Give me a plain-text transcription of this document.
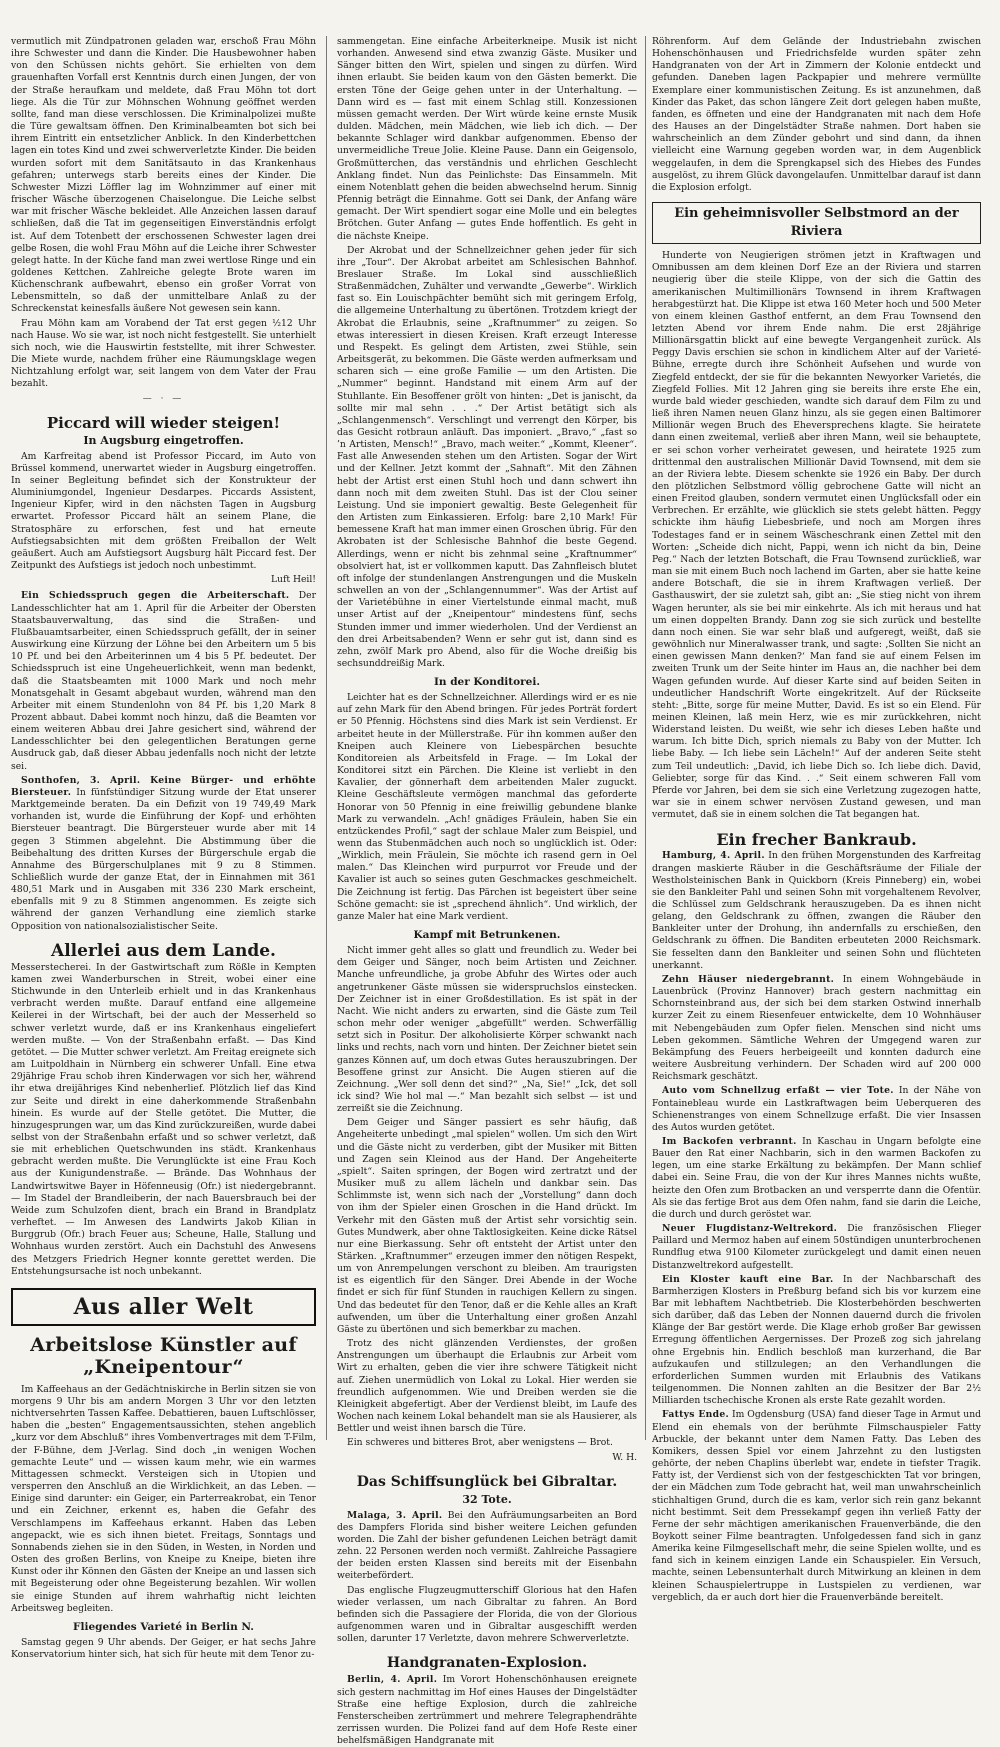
vermutlich mit Zündpatronen geladen war, erschoß Frau Möhn ihre Schwester und dann die Kinder. Die Hausbewohner haben von den Schüssen nichts gehört. Sie erhielten von dem grauenhaften Vorfall erst Kenntnis durch einen Jungen, der von der Straße heraufkam und meldete, daß Frau Möhn tot dort liege. Als die Tür zur Möhnschen Wohnung geöffnet werden sollte, fand man diese verschlossen. Die Kriminalpolizei mußte die Türe gewaltsam öffnen. Den Kriminalbeamten bot sich bei ihrem Eintritt ein entsetzlicher Anblick. In den Kinderbettchen lagen ein totes Kind und zwei schwerverletzte Kinder. Die beiden wurden sofort mit dem Sanitätsauto in das Krankenhaus gefahren; unterwegs starb bereits eines der Kinder. Die Schwester Mizzi Löffler lag im Wohnzimmer auf einer mit frischer Wäsche überzogenen Chaiselongue. Die Leiche selbst war mit frischer Wäsche bekleidet. Alle Anzeichen lassen darauf schließen, daß die Tat im gegenseitigen Einverständnis erfolgt ist. Auf dem Totenbett der erschossenen Schwester lagen drei gelbe Rosen, die wohl Frau Möhn auf die Leiche ihrer Schwester gelegt hatte. In der Küche fand man zwei wertlose Ringe und ein goldenes Kettchen. Zahlreiche gelegte Brote waren im Küchenschrank aufbewahrt, ebenso ein großer Vorrat von Lebensmitteln, so daß der unmittelbare Anlaß zu der Schreckenstat keinesfalls äußere Not gewesen sein kann.

Frau Möhn kam am Vorabend der Tat erst gegen ½12 Uhr nach Hause. Wo sie war, ist noch nicht festgestellt. Sie unterhielt sich noch, wie die Hauswirtin feststellte, mit ihrer Schwester. Die Miete wurde, nachdem früher eine Räumungsklage wegen Nichtzahlung erfolgt war, seit langem von dem Vater der Frau bezahlt.

— · —
Piccard will wieder steigen!
In Augsburg eingetroffen.

Am Karfreitag abend ist Professor Piccard, im Auto von Brüssel kommend, unerwartet wieder in Augsburg eingetroffen. In seiner Begleitung befindet sich der Konstrukteur der Aluminiumgondel, Ingenieur Desdarpes. Piccards Assistent, Ingenieur Kipfer, wird in den nächsten Tagen in Augsburg erwartet. Professor Piccard hält an seinem Plane, die Stratosphäre zu erforschen, fest und hat erneute Aufstiegsabsichten mit dem größten Freiballon der Welt geäußert. Auch am Aufstiegsort Augsburg hält Piccard fest. Der Zeitpunkt des Aufstiegs ist jedoch noch unbestimmt.

Luft Heil!

Ein Schiedsspruch gegen die Arbeiterschaft. Der Landesschlichter hat am 1. April für die Arbeiter der Obersten Staatsbauverwaltung, das sind die Straßen- und Flußbauamtsarbeiter, einen Schiedsspruch gefällt, der in seiner Auswirkung eine Kürzung der Löhne bei den Arbeitern um 5 bis 10 Pf. und bei den Arbeiterinnen um 4 bis 5 Pf. bedeutet. Der Schiedsspruch ist eine Ungeheuerlichkeit, wenn man bedenkt, daß die Staatsbeamten mit 1000 Mark und noch mehr Monatsgehalt in Gesamt abgebaut wurden, während man den Arbeiter mit einem Stundenlohn von 84 Pf. bis 1,20 Mark 8 Prozent abbaut. Dabei kommt noch hinzu, daß die Beamten vor einem weiteren Abbau drei Jahre gesichert sind, während der Landesschlichter bei den gelegentlichen Beratungen gerne Ausdruck gab, daß dieser Abbau jedenfalls noch nicht der letzte sei.

Sonthofen, 3. April. Keine Bürger- und erhöhte Biersteuer. In fünfstündiger Sitzung wurde der Etat unserer Marktgemeinde beraten. Da ein Defizit von 19 749,49 Mark vorhanden ist, wurde die Einführung der Kopf- und erhöhten Biersteuer beantragt. Die Bürgersteuer wurde aber mit 14 gegen 3 Stimmen abgelehnt. Die Abstimmung über die Beibehaltung des dritten Kurses der Bürgerschule ergab die Annahme des Bürgerschulplanes mit 9 zu 8 Stimmen. Schließlich wurde der ganze Etat, der in Einnahmen mit 361 480,51 Mark und in Ausgaben mit 336 230 Mark erscheint, ebenfalls mit 9 zu 8 Stimmen angenommen. Es zeigte sich während der ganzen Verhandlung eine ziemlich starke Opposition von nationalsozialistischer Seite.

Allerlei aus dem Lande.

Messerstecherei. In der Gastwirtschaft zum Rößle in Kempten kamen zwei Wanderburschen in Streit, wobei einer eine Stichwunde in den Unterleib erhielt und in das Krankenhaus verbracht werden mußte. Darauf entfand eine allgemeine Keilerei in der Wirtschaft, bei der auch der Messerheld so schwer verletzt wurde, daß er ins Krankenhaus eingeliefert werden mußte. — Von der Straßenbahn erfaßt. — Das Kind getötet. — Die Mutter schwer verletzt. Am Freitag ereignete sich am Luitpoldhain in Nürnberg ein schwerer Unfall. Eine etwa 29jährige Frau schob ihren Kinderwagen vor sich her, während ihr etwa dreijähriges Kind nebenherlief. Plötzlich lief das Kind zur Seite und direkt in eine daherkommende Straßenbahn hinein. Es wurde auf der Stelle getötet. Die Mutter, die hinzugesprungen war, um das Kind zurückzureißen, wurde dabei selbst von der Straßenbahn erfaßt und so schwer verletzt, daß sie mit erheblichen Quetschwunden ins städt. Krankenhaus gebracht werden mußte. Die Verunglückte ist eine Frau Koch aus der Kunigundenstraße. — Brände. Das Wohnhaus der Landwirtswitwe Bayer in Höfenneusig (Ofr.) ist niedergebrannt. — Im Stadel der Brandleiberin, der nach Bauersbrauch bei der Weide zum Schulzofen dient, brach ein Brand in Brandplatz verheftet. — Im Anwesen des Landwirts Jakob Kilian in Burggrub (Ofr.) brach Feuer aus; Scheune, Halle, Stallung und Wohnhaus wurden zerstört. Auch ein Dachstuhl des Anwesens des Metzgers Friedrich Hegner konnte gerettet werden. Die Entstehungsursache ist noch unbekannt.

Aus aller Welt
Arbeitslose Künstler auf „Kneipentour“

Im Kaffeehaus an der Gedächtniskirche in Berlin sitzen sie von morgens 9 Uhr bis am andern Morgen 3 Uhr vor den letzten nichtversehrten Tassen Kaffee. Debattieren, bauen Luftschlösser, haben die „besten“ Engagementsaussichten, stehen angeblich „kurz vor dem Abschluß“ ihres Vombenvertrages mit dem T-Film, der F-Bühne, dem J-Verlag. Sind doch „in wenigen Wochen gemachte Leute“ und — wissen kaum mehr, wie ein warmes Mittagessen schmeckt. Versteigen sich in Utopien und versperren den Anschluß an die Wirklichkeit, an das Leben. — Einige sind darunter: ein Geiger, ein Parterreakrobat, ein Tenor und ein Zeichner, erkennt es, haben die Gefahr des Verschlampens im Kaffeehaus erkannt. Haben das Leben angepackt, wie es sich ihnen bietet. Freitags, Sonntags und Sonnabends ziehen sie in den Süden, in Westen, in Norden und Osten des großen Berlins, von Kneipe zu Kneipe, bieten ihre Kunst oder ihr Können den Gästen der Kneipe an und lassen sich mit Begeisterung oder ohne Begeisterung bezahlen. Wir wollen sie einige Stunden auf ihrem wahrhaftig nicht leichten Arbeitsweg begleiten.

Fliegendes Varieté in Berlin N.

Samstag gegen 9 Uhr abends. Der Geiger, er hat sechs Jahre Konservatorium hinter sich, hat sich für heute mit dem Tenor zu-

sammengetan. Eine einfache Arbeiterkneipe. Musik ist nicht vorhanden. Anwesend sind etwa zwanzig Gäste. Musiker und Sänger bitten den Wirt, spielen und singen zu dürfen. Wird ihnen erlaubt. Sie beiden kaum von den Gästen bemerkt. Die ersten Töne der Geige gehen unter in der Unterhaltung. — Dann wird es — fast mit einem Schlag still. Konzessionen müssen gemacht werden. Der Wirt würde keine ernste Musik dulden. Mädchen, mein Mädchen, wie lieb ich dich. — Der bekannte Schlager wird dankbar aufgenommen. Ebenso der unvermeidliche Treue Jolie. Kleine Pause. Dann ein Geigensolo, Großmütterchen, das verständnis und ehrlichen Geschlecht Anklang findet. Nun das Peinlichste: Das Einsammeln. Mit einem Notenblatt gehen die beiden abwechselnd herum. Sinnig Pfennig beträgt die Einnahme. Gott sei Dank, der Anfang wäre gemacht. Der Wirt spendiert sogar eine Molle und ein belegtes Brötchen. Guter Anfang — gutes Ende hoffentlich. Es geht in die nächste Kneipe.

Der Akrobat und der Schnellzeichner gehen jeder für sich ihre „Tour“. Der Akrobat arbeitet am Schlesischen Bahnhof. Breslauer Straße. Im Lokal sind ausschließlich Straßenmädchen, Zuhälter und verwandte „Gewerbe“. Wirklich fast so. Ein Louischpächter bemüht sich mit geringem Erfolg, die allgemeine Unterhaltung zu übertönen. Trotzdem kriegt der Akrobat die Erlaubnis, seine „Kraftnummer“ zu zeigen. So etwas interessiert in diesen Kreisen. Kraft erzeugt Interesse und Respekt. Es gelingt dem Artisten, zwei Stühle, sein Arbeitsgerät, zu bekommen. Die Gäste werden aufmerksam und scharen sich — eine große Familie — um den Artisten. Die „Nummer“ beginnt. Handstand mit einem Arm auf der Stuhllante. Ein Besoffener grölt von hinten: „Det is janischt, da sollte mir mal sehn . . .“ Der Artist betätigt sich als „Schlangenmensch“. Verschlingt und verrengt den Körper, bis das Gesicht rotbraun anläuft. Das imponiert. „Bravo,“ „fast so ’n Artisten, Mensch!“ „Bravo, mach weiter.“ „Kommt, Kleener“. Fast alle Anwesenden stehen um den Artisten. Sogar der Wirt und der Kellner. Jetzt kommt der „Sahnaft“. Mit den Zähnen hebt der Artist erst einen Stuhl hoch und dann schwert ihn dann noch mit dem zweiten Stuhl. Das ist der Clou seiner Leistung. Und sie imponiert gewaltig. Beste Gelegenheit für den Artisten zum Einkassieren. Erfolg: bare 2,10 Mark! Für bemessene Kraft hat man immer einen Groschen übrig. Für den Akrobaten ist der Schlesische Bahnhof die beste Gegend. Allerdings, wenn er nicht bis zehnmal seine „Kraftnummer“ obsolviert hat, ist er vollkommen kaputt. Das Zahnfleisch blutet oft infolge der stundenlangen Anstrengungen und die Muskeln schwellen an von der „Schlangennummer“. Was der Artist auf der Varietébühne in einer Viertelstunde einmal macht, muß unser Artist auf der „Kneipentour“ mindestens fünf, sechs Stunden immer und immer wiederholen. Und der Verdienst an den drei Arbeitsabenden? Wenn er sehr gut ist, dann sind es zehn, zwölf Mark pro Abend, also für die Woche dreißig bis sechsunddreißig Mark.

In der Konditorei.

Leichter hat es der Schnellzeichner. Allerdings wird er es nie auf zehn Mark für den Abend bringen. Für jedes Porträt fordert er 50 Pfennig. Höchstens sind dies Mark ist sein Verdienst. Er arbeitet heute in der Müllerstraße. Für ihn kommen außer den Kneipen auch Kleinere von Liebespärchen besuchte Konditoreien als Arbeitsfeld in Frage. — Im Lokal der Konditorei sitzt ein Pärchen. Die Kleine ist verliebt in den Kavalier, der gönnerhaft dem arbeitenden Maler zuguckt. Kleine Geschäftsleute vermögen manchmal das geforderte Honorar von 50 Pfennig in eine freiwillig gebundene blanke Mark zu verwandeln. „Ach! gnädiges Fräulein, haben Sie ein entzückendes Profil,“ sagt der schlaue Maler zum Beispiel, und wenn das Stubenmädchen auch noch so unglücklich ist. Oder: „Wirklich, mein Fräulein, Sie möchte ich rasend gern in Oel malen.“ Das Kleinchen wird purpurrot vor Freude und der Kavalier ist auch so seines guten Geschmackes geschmeichelt. Die Zeichnung ist fertig. Das Pärchen ist begeistert über seine Schöne gemacht: sie ist „sprechend ähnlich“. Und wirklich, der ganze Maler hat eine Mark verdient.

Kampf mit Betrunkenen.

Nicht immer geht alles so glatt und freundlich zu. Weder bei dem Geiger und Sänger, noch beim Artisten und Zeichner. Manche unfreundliche, ja grobe Abfuhr des Wirtes oder auch angetrunkener Gäste müssen sie widerspruchslos einstecken. Der Zeichner ist in einer Großdestillation. Es ist spät in der Nacht. Wie nicht anders zu erwarten, sind die Gäste zum Teil schon mehr oder weniger „abgefüllt“ werden. Schwerfällig setzt sich in Positur. Der alkoholisierte Körper schwankt nach links und rechts, nach vorn und hinten. Der Zeichner bietet sein ganzes Können auf, um doch etwas Gutes herauszubringen. Der Besoffene grinst zur Ansicht. Die Augen stieren auf die Zeichnung. „Wer soll denn det sind?“ „Na, Sie!“ „Ick, det soll ick sind? Wie hol mal —.“ Man bezahlt sich selbst — ist und zerreißt sie die Zeichnung.

Dem Geiger und Sänger passiert es sehr häufig, daß Angeheiterte unbedingt „mal spielen“ wollen. Um sich den Wirt und die Gäste nicht zu verderben, gibt der Musiker mit Bitten und Zagen sein Kleinod aus der Hand. Der Angeheiterte „spielt“. Saiten springen, der Bogen wird zertratzt und der Musiker muß zu allem lächeln und dankbar sein. Das Schlimmste ist, wenn sich nach der „Vorstellung“ dann doch von ihm der Spieler einen Groschen in die Hand drückt. Im Verkehr mit den Gästen muß der Artist sehr vorsichtig sein. Gutes Mundwerk, aber ohne Taktlosigkeiten. Keine dicke Rätsel nur eine Bierkassung. Sehr oft entsteht der Artist unter den Stärken. „Kraftnummer“ erzeugen immer den nötigen Respekt, um von Anrempelungen verschont zu bleiben. Am traurigsten ist es eigentlich für den Sänger. Drei Abende in der Woche findet er sich für fünf Stunden in rauchigen Kellern zu singen. Und das bedeutet für den Tenor, daß er die Kehle alles an Kraft aufwenden, um über die Unterhaltung einer großen Anzahl Gäste zu übertönen und sich bemerkbar zu machen.

Trotz des nicht glänzenden Verdienstes, der großen Anstrengungen um überhaupt die Erlaubnis zur Arbeit vom Wirt zu erhalten, geben die vier ihre schwere Tätigkeit nicht auf. Ziehen unermüdlich von Lokal zu Lokal. Hier werden sie freundlich aufgenommen. Wie und Dreiben werden sie die Kleinigkeit abgefertigt. Aber der Verdienst bleibt, im Laufe des Wochen nach keinem Lokal behandelt man sie als Hausierer, als Bettler und weist ihnen barsch die Türe.

Ein schweres und bitteres Brot, aber wenigstens — Brot.

W. H.

Das Schiffsunglück bei Gibraltar.
32 Tote.

Malaga, 3. April. Bei den Aufräumungsarbeiten an Bord des Dampfers Florida sind bisher weitere Leichen gefunden worden. Die Zahl der bisher gefundenen Leichen beträgt damit zehn. 22 Personen werden noch vermißt. Zahlreiche Passagiere der beiden ersten Klassen sind bereits mit der Eisenbahn weiterbefördert.

Das englische Flugzeugmutterschiff Glorious hat den Hafen wieder verlassen, um nach Gibraltar zu fahren. An Bord befinden sich die Passagiere der Florida, die von der Glorious aufgenommen waren und in Gibraltar ausgeschifft werden sollen, darunter 17 Verletzte, davon mehrere Schwerverletzte.

Handgranaten-Explosion.

Berlin, 4. April. Im Vorort Hohenschönhausen ereignete sich gestern nachmittag im Hof eines Hauses der Dingelstädter Straße eine heftige Explosion, durch die zahlreiche Fensterscheiben zertrümmert und mehrere Telegraphendrähte zerrissen wurden. Die Polizei fand auf dem Hofe Reste einer behelfsmäßigen Handgranate mit

Röhrenform. Auf dem Gelände der Industriebahn zwischen Hohenschönhausen und Friedrichsfelde wurden später zehn Handgranaten von der Art in Zimmern der Kolonie entdeckt und gefunden. Daneben lagen Packpapier und mehrere vermüllte Exemplare einer kommunistischen Zeitung. Es ist anzunehmen, daß Kinder das Paket, das schon längere Zeit dort gelegen haben mußte, fanden, es öffneten und eine der Handgranaten mit nach dem Hofe des Hauses an der Dingelstädter Straße nahmen. Dort haben sie wahrscheinlich an dem Zünder gebohrt und sind dann, da ihnen vielleicht eine Warnung gegeben worden war, in dem Augenblick weggelaufen, in dem die Sprengkapsel sich des Hiebes des Fundes ausgelöst, zu ihrem Glück davongelaufen. Unmittelbar darauf ist dann die Explosion erfolgt.

Ein geheimnisvoller Selbstmord an der Riviera

Hunderte von Neugierigen strömen jetzt in Kraftwagen und Omnibussen am dem kleinen Dorf Eze an der Riviera und starren neugierig über die steile Klippe, von der sich die Gattin des amerikanischen Multimillionärs Townsend in ihrem Kraftwagen herabgestürzt hat. Die Klippe ist etwa 160 Meter hoch und 500 Meter von einem kleinen Gasthof entfernt, an dem Frau Townsend den letzten Abend vor ihrem Ende nahm. Die erst 28jährige Millionärsgattin blickt auf eine bewegte Vergangenheit zurück. Als Peggy Davis erschien sie schon in kindlichem Alter auf der Varieté-Bühne, erregte durch ihre Schönheit Aufsehen und wurde von Ziegfeld entdeckt, der sie für die bekannten Newyorker Varietés, die Ziegfeld Follies. Mit 12 Jahren ging sie bereits ihre erste Ehe ein, wurde bald wieder geschieden, wandte sich darauf dem Film zu und ließ ihren Namen neuen Glanz hinzu, als sie gegen einen Baltimorer Millionär wegen Bruch des Eheversprechens klagte. Sie heiratete dann einen zweitemal, verließ aber ihren Mann, weil sie behauptete, er sei schon vorher verheiratet gewesen, und heiratete 1925 zum drittenmal den australischen Millionär David Townsend, mit dem sie an der Riviera lebte. Diesem schenkte sie 1926 ein Baby. Der durch den plötzlichen Selbstmord völlig gebrochene Gatte will nicht an einen Freitod glauben, sondern vermutet einen Unglücksfall oder ein Verbrechen. Er erzählte, wie glücklich sie stets gelebt hätten. Peggy schickte ihm häufig Liebesbriefe, und noch am Morgen ihres Todestages fand er in seinem Wäscheschrank einen Zettel mit den Worten: „Scheide dich nicht, Pappi, wenn ich nicht da bin, Deine Peg.“ Nach der letzten Botschaft, die Frau Townsend zurückließ, war man sie mit einem Buch noch lachend im Garten, aber sie hatte keine andere Botschaft, die sie in ihrem Kraftwagen verließ. Der Gasthauswirt, der sie zuletzt sah, gibt an: „Sie stieg nicht von ihrem Wagen herunter, als sie bei mir einkehrte. Als ich mit heraus und hat um einen doppelten Brandy. Dann zog sie sich zurück und bestellte dann noch einen. Sie war sehr blaß und aufgeregt, weißt, daß sie gewöhnlich nur Mineralwasser trank, und sagte: ‚Sollten Sie nicht an einen gewissen Mann denken?‘ Man fand sie auf einem Felsen im zweiten Trunk um der Seite hinter im Haus an, die nachher bei dem Wagen gefunden wurde. Auf dieser Karte sind auf beiden Seiten in undeutlicher Handschrift Worte eingekritzelt. Auf der Rückseite steht: „Bitte, sorge für meine Mutter, David. Es ist so ein Elend. Für meinen Kleinen, laß mein Herz, wie es mir zurückkehren, nicht Widerstand leisten. Du weißt, wie sehr ich dieses Leben haßte und warum. Ich bitte Dich, sprich niemals zu Baby von der Mutter. Ich liebe Baby. — Ich liebe sein Lächeln!“ Auf der anderen Seite steht zum Teil undeutlich: „David, ich liebe Dich so. Ich liebe dich. David, Geliebter, sorge für das Kind. . .“ Seit einem schweren Fall vom Pferde vor Jahren, bei dem sie sich eine Verletzung zugezogen hatte, war sie in einem schwer nervösen Zustand gewesen, und man vermutet, daß sie in einem solchen die Tat begangen hat.

Ein frecher Bankraub.

Hamburg, 4. April. In den frühen Morgenstunden des Karfreitag drangen maskierte Räuber in die Geschäftsräume der Filiale der Westholsteinischen Bank in Quickborn (Kreis Pinneberg) ein, wobei sie den Bankleiter Pahl und seinen Sohn mit vorgehaltenem Revolver, die Schlüssel zum Geldschrank herauszugeben. Da es ihnen nicht gelang, den Geldschrank zu öffnen, zwangen die Räuber den Bankleiter unter der Drohung, ihn andernfalls zu erschießen, den Geldschrank zu öffnen. Die Banditen erbeuteten 2000 Reichsmark. Sie fesselten dann den Bankleiter und seinen Sohn und flüchteten unerkannt.

Zehn Häuser niedergebrannt. In einem Wohngebäude in Lauenbrück (Provinz Hannover) brach gestern nachmittag ein Schornsteinbrand aus, der sich bei dem starken Ostwind innerhalb kurzer Zeit zu einem Riesenfeuer entwickelte, dem 10 Wohnhäuser mit Nebengebäuden zum Opfer fielen. Menschen sind nicht ums Leben gekommen. Sämtliche Wehren der Umgegend waren zur Bekämpfung des Feuers herbeigeeilt und konnten dadurch eine weitere Ausbreitung verhindern. Der Schaden wird auf 200 000 Reichsmark geschätzt.

Auto vom Schnellzug erfaßt — vier Tote. In der Nähe von Fontainebleau wurde ein Lastkraftwagen beim Ueberqueren des Schienenstranges von einem Schnellzuge erfaßt. Die vier Insassen des Autos wurden getötet.

Im Backofen verbrannt. In Kaschau in Ungarn befolgte eine Bauer den Rat einer Nachbarin, sich in den warmen Backofen zu legen, um eine starke Erkältung zu bekämpfen. Der Mann schlief dabei ein. Seine Frau, die von der Kur ihres Mannes nichts wußte, heizte den Ofen zum Brotbacken an und versperrte dann die Ofentür. Als sie das fertige Brot aus dem Ofen nahm, fand sie darin die Leiche, die durch und durch geröstet war.

Neuer Flugdistanz-Weltrekord. Die französischen Flieger Paillard und Mermoz haben auf einem 50stündigen ununterbrochenen Rundflug etwa 9100 Kilometer zurückgelegt und damit einen neuen Distanzweltrekord aufgestellt.

Ein Kloster kauft eine Bar. In der Nachbarschaft des Barmherzigen Klosters in Preßburg befand sich bis vor kurzem eine Bar mit lebhaftem Nachtbetrieb. Die Klosterbehörden beschwerten sich darüber, daß das Leben der Nonnen dauernd durch die frivolen Klänge der Bar gestört werde. Die Klage erhob großer Bar gewissen Erregung öffentlichen Aergernisses. Der Prozeß zog sich jahrelang ohne Ergebnis hin. Endlich beschloß man kurzerhand, die Bar aufzukaufen und stillzulegen; an den Verhandlungen die erforderlichen Summen wurden mit Erlaubnis des Vatikans teilgenommen. Die Nonnen zahlten an die Besitzer der Bar 2½ Milliarden tschechische Kronen als erste Rate gezahlt worden.

Fattys Ende. Im Ogdensburg (USA) fand dieser Tage in Armut und Elend ein ehemals von der berühmte Filmschauspieler Fatty Arbuckle, der bekannt unter dem Namen Fatty. Das Leben des Komikers, dessen Spiel vor einem Jahrzehnt zu den lustigsten gehörte, der neben Chaplins überlebt war, endete in tiefster Tragik. Fatty ist, der Verdienst sich von der festgeschickten Tat vor bringen, der ein Mädchen zum Tode gebracht hat, weil man unwahrscheinlich stichhaltigen Grund, durch die es kam, verlor sich rein ganz bekannt nicht bestimmt. Seit dem Pressekampf gegen ihn verließ Fatty der Ferne der sehr mächtigen amerikanischen Frauenverbände, die den Boykott seiner Filme beantragten. Unfolgedessen fand sich in ganz Amerika keine Filmgesellschaft mehr, die seine Spielen wollte, und es fand sich in keinem einzigen Lande ein Schauspieler. Ein Versuch, machte, seinen Lebensunterhalt durch Mitwirkung an kleinen in dem kleinen Schauspielertruppe in Lustspielen zu verdienen, war vergeblich, da er auch dort hier die Frauenverbände bereitelt.
